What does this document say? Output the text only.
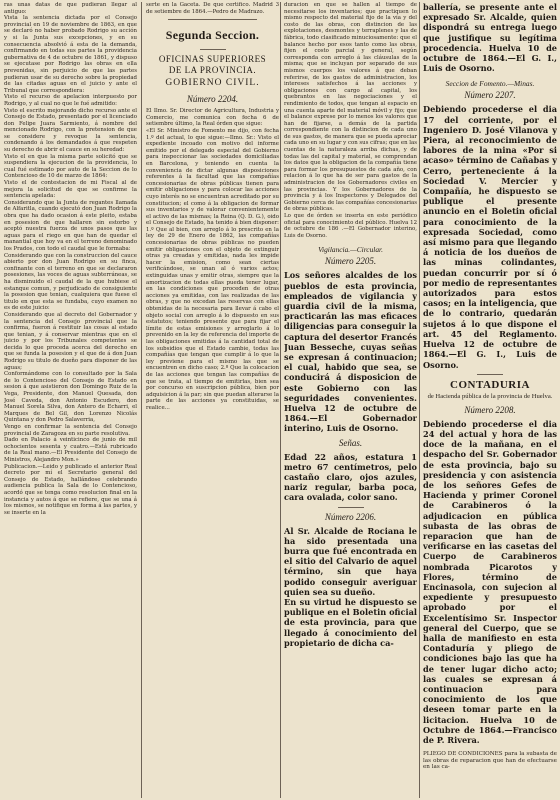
ras unas datas de que pudieran llegar al antiguo:
Vista la sentencia dictada por el Consejo provincial en 19 de noviembre de 1863, en que se declaró no haber probado Rodrigo su acción y si la Junta sus excepciones, y en su consecuencia absolvió á esta de la demanda, confirmando en todas sus partes la providencia gubernativa de 4 de octubre de 1861, y dispuso se ejecutase por Rodrigo las obras en ella prevenidas, sin perjuicio de que las partes pudieran usar de su derecho sobre la propiedad de las citadas aguas en el juicio y ante el Tribunal que correspondiera:
Visto el recurso de apelacion interpuesto por Rodrigo, y al cual no que le fué admitido:
Visto el escrito mejorando dicho recurso ante el Consejo de Estado, presentado por el licenciado don Felipe Juara Sarmiento, á nombre del mencionado Rodrigo, con la pretension de que se considere y revoque la sentencia, condenando á los demandados á que respeten su derecho de abrir el cauce en su heredad:
Visto el en que la misma parte solicitó que se suspendiera la ejecucion de la providencia, lo cual fué estimado por auto de la Seccion de lo Contencioso de 10 de marzo de 1864:
Visto el de contestacion de mi Fiscal al de mejora la solicitud de que se confirme la sentencia apelada:
Considerando que la Junta de regantes llamada de Alfaritla, cuando ejecutó don Juan Rodrigo la obra que ha dado ocasion á este pleito, estaba en posesion de que hallaren sin estorbo y aceptó nuestra fuerza de unos pasos que las aguas para el riego en que han de quedar el manantial que hoy va en el terreno denominado los Prados, con todo el caudal que le formaba:
Considerando que con la construccion del cauce abierto por don Juan Rodrigo en su finca, confinante con el terreno en que se declararon posesiones, las voces de aguas subterráneas, se ha disminuido el caudal de la que hubiese el estanque comun, y perjudicado de consiguiente la posesion que tenian, cualquiera que fuese el titulo en que esta se fundaba, cuyo examen no es de este juicio:
Considerando que al decreto del Gobernador y la sentencia del Consejo provincial que la confirma, fueron á restituir las cosas al estado que tenian, y á conservar mientras que en el juicio y por los Tribunales competentes se decida lo que proceda acerca del derecho en que se funda la posesion y el que de á don Juan Rodrigo su titulo de dueño para disponer de las aguas;
Conformándome con lo consultado por la Sala de lo Contencioso del Consejo de Estado en sesion á que asistieron don Domingo Ruiz de la Vega, Presidente, don Manuel Quesada, don José Caveda, don Antonio Escudero, don Manuel Sorela Silva, don Antero de Echarri, el Marques de Bel Gil, don Lorenzo Nicolás Quintana y don Pedro Salaverria,
Vengo en confirmar la sentencia del Consejo provincial de Zaragoza en su parte resolutiva.
Dado en Palacio á veinticinco de junio de mil ochocientos sesenta y cuatro.—Está rubricado de la Real mano.—El Presidente del Consejo de Ministros, Alejandro Mon.»
Publicacion.—Leido y publicado el anterior Real decreto por mí el Secretario general del Consejo de Estado, hallándose celebrando audiencia publica la Sala de lo Contencioso, acordó que se tenga como resolucion final en la instancia y autos á que se refiere, que se una á los mismos, se notifique en forma á las partes, y se inserte en la

serte en la Gaceta. De que certifico. Madrid 3 de setiembre de 1864.—Pedro de Madrazo.

Segunda Seccion.

OFICINAS SUPERIORES
DE LA PROVINCIA.

GOBIERNO CIVIL.

Número 2204.

El Ilmo. Sr. Director de Agricultura, Industria y Comercio, me comunica con fecha 6 de setiembre último, la Real órden que sigue:
«El Sr. Ministro de Fomento me dijo, con fecha 1.º del actual, lo que sigue:—Ilmo. Sr.: Visto el expediente incoado con motivo del informe emitido por el delegado especial del Gobierno para inspeccionar las sociedades domiciliadas en Barcelona, y teniendo en cuenta la conveniencia de dictar algunas disposiciones referentes á la facultad que las compañías concesionarias de obras públicas tienen para emitir obligaciones y para colocar las acciones cuyo interés no se encuentran acreditado por su constitucion; el como á la obligacion de formar sus inventarios y de valorar convenientemente el activo de las mismas; la Reina (Q. D. G.), oido el Consejo de Estado, ha tenido á bien disponer: 1.º Que al bien, con arreglo á lo prescrito en la ley de 29 de Enero de 1862, las compañías concesionarias de obras públicas no pueden emitir obligaciones con el objeto de extinguir otras ya creadas y emitidas, nada les impide hacer la emision, como sean ciertas verificándose, se unan al ó varios actos; extinguidas unas y emitir otras, siempre que la amortizacion de todas ellas pueda tener lugar, en las condiciones que proceden de otras acciones ya emitidas, con las realizadas de las obras, y que no excedan las reservas con ellas obtenidas de la necesaria para llevar á cabo el objeto social con arreglo á lo dispuesto en sus estatutos; teniendo presente que para fijar el límite de estas emisiones y arreglarlo á lo prevenido en la ley de referencia del importe de las obligaciones emitidas á la cantidad total de los subsidios que el Estado cambie, todas las compañías que tengan que cumplir á lo que la ley previene para el mismo las que se encuentren en dicho caso; 2.º Que la colocacion de las acciones que tengan las compañías de que se trata, al tiempo de emitirlas, bien sea por concurso en suscripcion pública, bien por adquisicion á la par; sin que puedan alterarse la parte de las acciones ya constituidas, se realice...

duracion en que se hallen al tiempo de necesitarse los inventarios; que practiquen lo mismo respecto del material fijo de la vía y del costo de las obras, con distincion de las explotaciones, desmontes y terraplenes y las de fábrica, todo clasificado minuciosamente: que el balance hecho por esos tanto como las obras, fijen el costo parcial y general, según corresponda con arreglo á las cláusulas de la misma; que se incluyan por separado de sus mismos cuerpos los valores á que deban referirse, de los gastos de administracion, los intereses satisfechos á las acciones y obligaciones con cargo al capital, los quebrantos en las negociaciones y el rendimiento de todos, que tengan al espacio en una cuenta aparte del material móvil y fijo; que el balance exprese por lo menos los valores que han de fijarse, a demás de la partida correspondiente con la distincion de cada uno de sus gastos, de manera que se pueda apreciar cada uno en su lugar y con sus cifras; que en las cuentas de la naturaleza arriba dichas, y de todas las del capital y material, se comprendan los datos que la obligacion de la compañía tiene para formar los presupuestos de cada año, con relacion á lo que ha de ser para gastos de la administracion de los Gobernadores civiles en las provincias. Y los Gobernadores de la provincia y á los Inspectores y Delegados del Gobierno cerca de las compañías concesionarias de obras públicas.
Lo que de órden se inserta en este periódico oficial para conocimiento del público. Huelva 12 de octubre de 186 .—El Gobernador interino, Luis de Osorno.

Vigilancia.—Circular.

Número 2205.

Los señores alcaldes de los pueblos de esta provincia, empleados de vigilancia y guardia civil de la misma, practicarán las mas eficaces diligencias para conseguir la captura del desertor Francés Juan Besseche, cuyas señas se expresan á continuacion; el cual, habido que sea, se conducirá á disposicion de este Gobierno con las seguridades convenientes. Huelva 12 de octubre de 1864.—El Gobernador interino, Luis de Osorno.

Señas.

Edad 22 años, estatura 1 metro 67 centímetros, pelo castaño claro, ojos azules, nariz regular, barba poca, cara ovalada, color sano.

Número 2206.

Al Sr. Alcalde de Rociana le ha sido presentada una burra que fué encontrada en el sitio del Calvario de aquel término, sin que haya podido conseguir averiguar quien sea su dueño.
En su virtud he dispuesto se publique en el Boletin oficial de esta provincia, para que llegado á conocimiento del propietario de dicha ca-

ballería, se presente ante el expresado Sr. Alcalde, quien dispondrá su entrega luego que justifique su legítima procedencia. Huelva 10 de octubre de 1864.—El G. I., Luis de Osorno.

Seccion de Fomento.—Minas.

Número 2207.

Debiendo procederse el dia 17 del corriente, por el Ingeniero D. José Vilanova y Piera, al reconocimiento de labores de la mina «Por si acaso» término de Cañabas y Cerro, perteneciente á la Sociedad V. Mercier y Compañía, he dispuesto se publique el presente anuncio en el Boletin oficial para conocimiento de la expresada Sociedad, como así mismo para que llegando á noticia de los dueños de las minas colindantes, puedan concurrir por sí ó por medio de representantes autorizados para estos casos; en la inteligencia, que de lo contrario, quedarán sujetos á lo que dispone el art. 45 del Reglamento. Huelva 12 de octubre de 1864.—El G. I., Luis de Osorno.

CONTADURIA

de Hacienda pública de la provincia de Huelva.

Número 2208.

Debiendo procederse el dia 24 del actual y hora de las doce de la mañana, en el despacho del Sr. Gobernador de esta provincia, bajo su presidencia y con asistencia de los señores Gefes de Hacienda y primer Coronel de Carabineros ó la adjudicacion en pública subasta de las obras de reparacion que han de verificarse en las casetas del Cuerpo de Carabineros nombrada Picarotos y Flores, término de Encinasola, con sujecion al expediente y presupuesto aprobado por el Excelentísimo Sr. Inspector general del Cuerpo, que se halla de manifiesto en esta Contaduría y pliego de condiciones bajo las que ha de tener lugar dicho acto; las cuales se expresan á continuacion para conocimiento de los que deseen tomar parte en la licitacion. Huelva 10 de Octubre de 1864.—Francisco de P. Rivera.

PLIEGO DE CONDICIONES para la subasta de las obras de reparacion que han de efectuarse en las ca-
